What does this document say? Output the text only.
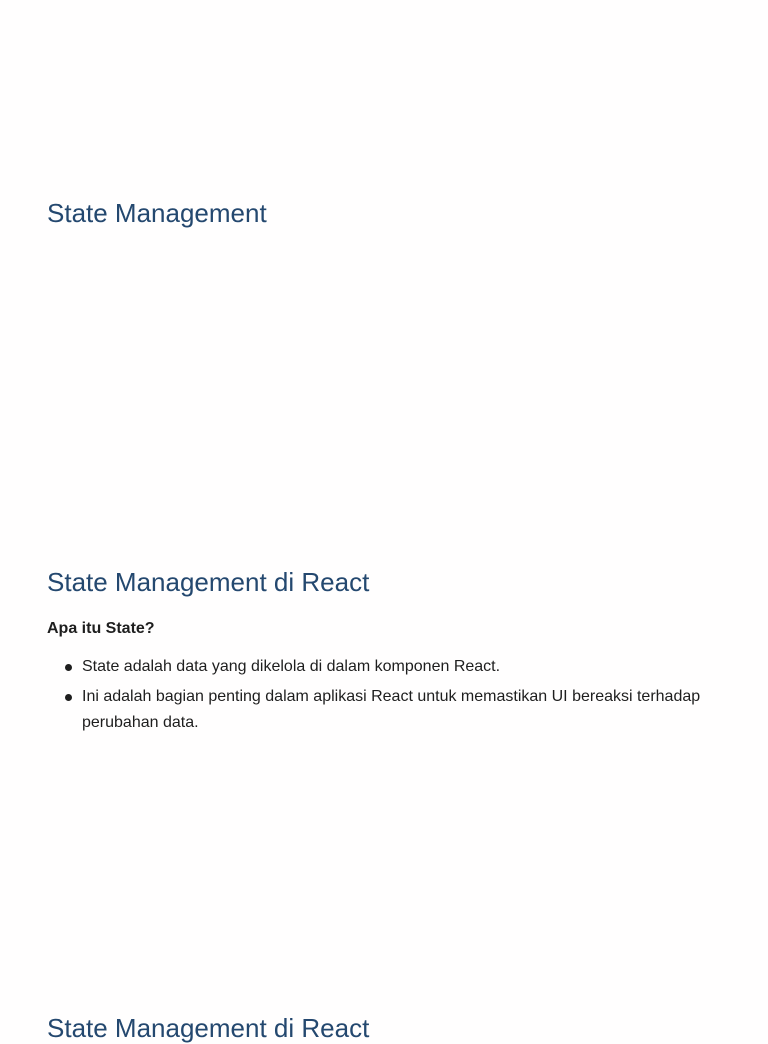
State Management
State Management di React

Apa itu State?

State adalah data yang dikelola di dalam komponen React.
Ini adalah bagian penting dalam aplikasi React untuk memastikan UI bereaksi terhadap perubahan data.
State Management di React
